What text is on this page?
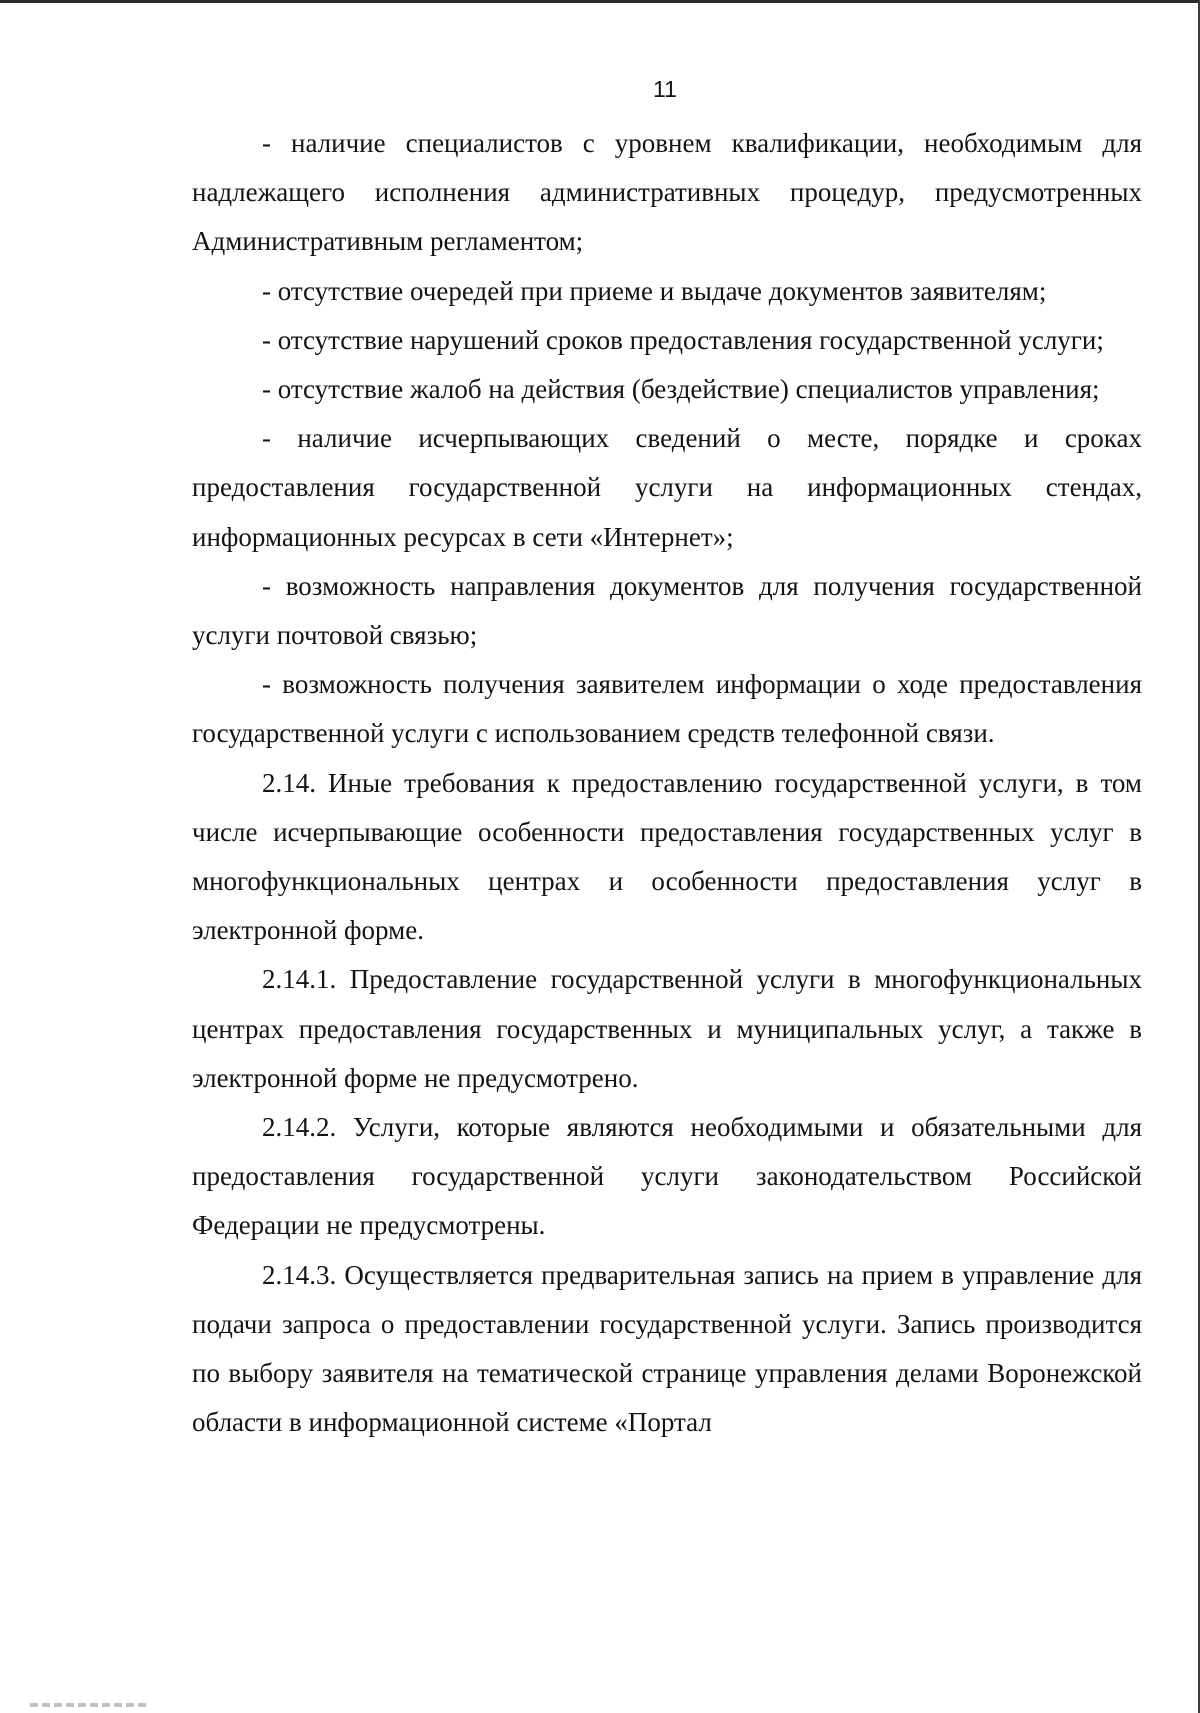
11

- наличие специалистов с уровнем квалификации, необходимым для надлежащего исполнения административных процедур, предусмотренных Административным регламентом;

- отсутствие очередей при приеме и выдаче документов заявителям;

- отсутствие нарушений сроков предоставления государственной услуги;

- отсутствие жалоб на действия (бездействие) специалистов управления;

- наличие исчерпывающих сведений о месте, порядке и сроках предоставления государственной услуги на информационных стендах, информационных ресурсах в сети «Интернет»;

- возможность направления документов для получения государственной услуги почтовой связью;

- возможность получения заявителем информации о ходе предоставления государственной услуги с использованием средств телефонной связи.

2.14. Иные требования к предоставлению государственной услуги, в том числе исчерпывающие особенности предоставления государственных услуг в многофункциональных центрах и особенности предоставления услуг в электронной форме.

2.14.1. Предоставление государственной услуги в многофункциональных центрах предоставления государственных и муниципальных услуг, а также в электронной форме не предусмотрено.

2.14.2. Услуги, которые являются необходимыми и обязательными для предоставления государственной услуги законодательством Российской Федерации не предусмотрены.

2.14.3. Осуществляется предварительная запись на прием в управление для подачи запроса о предоставлении государственной услуги. Запись производится по выбору заявителя на тематической странице управления делами Воронежской области в информационной системе «Портал
